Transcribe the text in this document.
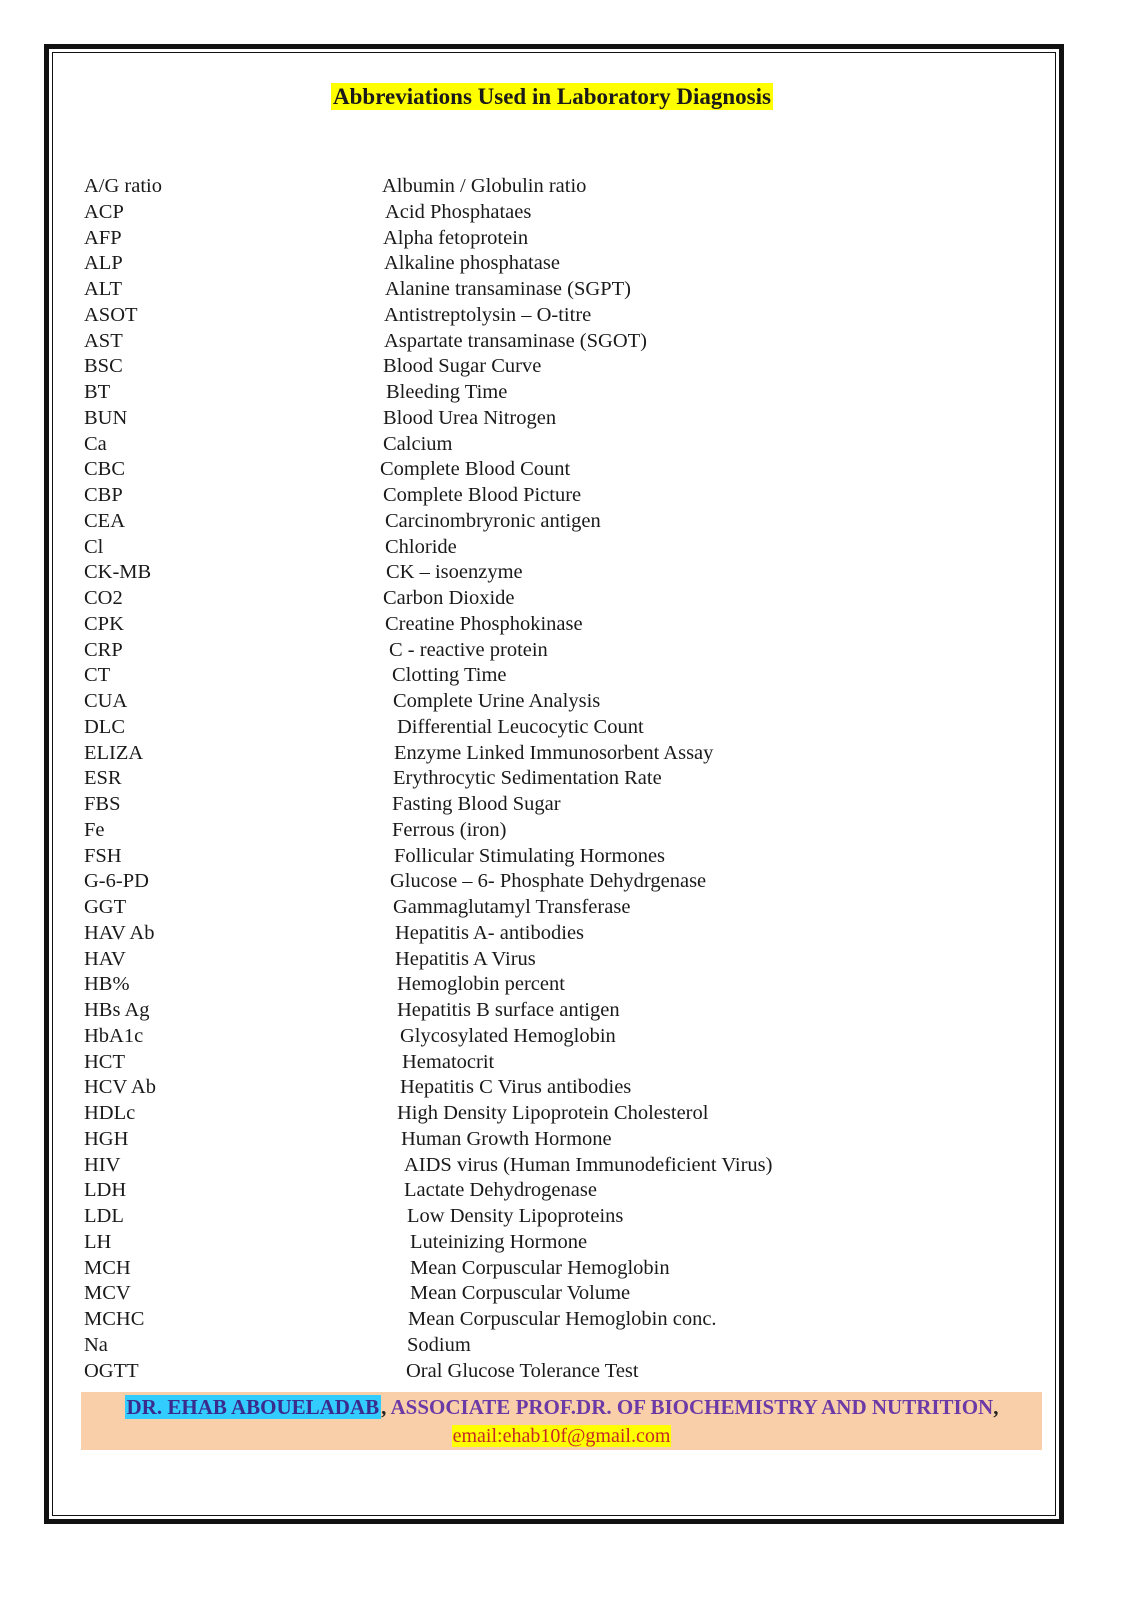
Abbreviations Used in Laboratory Diagnosis
A/G ratio	Albumin / Globulin ratio
ACP	Acid Phosphataes
AFP	Alpha fetoprotein
ALP	Alkaline phosphatase
ALT	Alanine transaminase (SGPT)
ASOT	Antistreptolysin – O-titre
AST	Aspartate transaminase (SGOT)
BSC	Blood Sugar Curve
BT	Bleeding Time
BUN	Blood Urea Nitrogen
Ca	Calcium
CBC	Complete Blood Count
CBP	Complete Blood Picture
CEA	Carcinombryronic antigen
Cl	Chloride
CK-MB	CK – isoenzyme
CO2	Carbon Dioxide
CPK	Creatine Phosphokinase
CRP	C - reactive protein
CT	Clotting Time
CUA	Complete Urine Analysis
DLC	Differential Leucocytic Count
ELIZA	Enzyme Linked Immunosorbent Assay
ESR	Erythrocytic Sedimentation Rate
FBS	Fasting Blood Sugar
Fe	Ferrous (iron)
FSH	Follicular Stimulating Hormones
G-6-PD	Glucose – 6- Phosphate Dehydrgenase
GGT	Gammaglutamyl Transferase
HAV Ab	Hepatitis A- antibodies
HAV	Hepatitis A Virus
HB%	Hemoglobin percent
HBs Ag	Hepatitis B surface antigen
HbA1c	Glycosylated Hemoglobin
HCT	Hematocrit
HCV Ab	Hepatitis C Virus antibodies
HDLc	High Density Lipoprotein Cholesterol
HGH	Human Growth Hormone
HIV	AIDS virus (Human Immunodeficient Virus)
LDH	Lactate Dehydrogenase
LDL	Low Density Lipoproteins
LH	Luteinizing Hormone
MCH	Mean Corpuscular Hemoglobin
MCV	Mean Corpuscular Volume
MCHC	Mean Corpuscular Hemoglobin conc.
Na	Sodium
OGTT	Oral Glucose Tolerance Test
DR. EHAB ABOUELADAB, ASSOCIATE PROF.DR. OF BIOCHEMISTRY AND NUTRITION,
email:ehab10f@gmail.com
